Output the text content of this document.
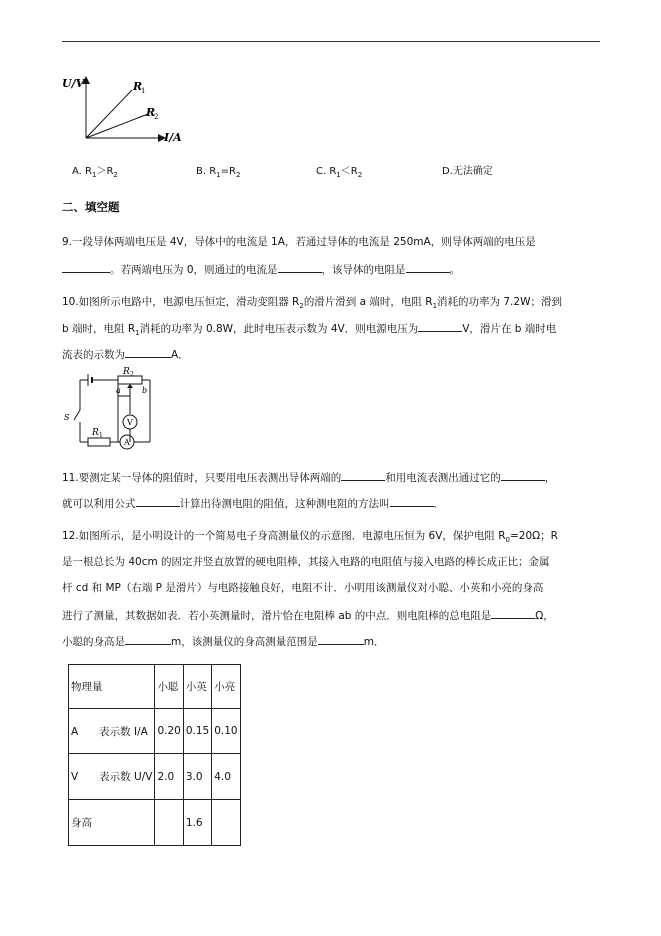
U/V
I/A
R
1
R
2
A. $R_1>R_2$	B. $R_1=R_2$	C. $R_1<R_2$	D.无法确定
二、填空题
9.一段导体两端电压是 4V，导体中的电流是 1A，若通过导体的电流是 250mA，则导体两端的电压是
。若两端电压为 0，则通过的电流是	，该导体的电阻是	。
10.如图所示电路中，电源电压恒定，滑动变阻器 $R_2$的滑片滑到 a 端时，电阻 $R_1$消耗的功率为 7.2W；滑到
b 端时，电阻 $R_1$消耗的功率为 0.8W，此时电压表示数为 4V．则电源电压为	V，滑片在 b 端时电
流表的示数为	A．
R 2
a	b
S
R 1
V
A
11.要测定某一导体的阻值时，只要用电压表测出导体两端的	和用电流表测出通过它的	，
就可以利用公式	计算出待测电阻的阻值，这种测电阻的方法叫	．
12.如图所示，是小明设计的一个简易电子身高测量仪的示意图．电源电压恒为 6V，保护电阻 $R_0=20\Omega$；R
是一根总长为 40cm 的固定并竖直放置的硬电阻棒，其接入电路的电阻值与接入电路的棒长成正比；金属
杆 cd 和 MP（右端 P 是滑片）与电路接触良好，电阻不计．小明用该测量仪对小聪、小英和小亮的身高
进行了测量，其数据如表．若小英测量时，滑片恰在电阻棒 ab 的中点．则电阻棒的总电阻是	Ω，
小聪的身高是	m，该测量仪的身高测量范围是	m．
物理量	小聪	小英	小亮
A　　表示数 I/A	0.20	0.15	0.10
V　　表示数 U/V	2.0	3.0	4.0
身高		1.6	
